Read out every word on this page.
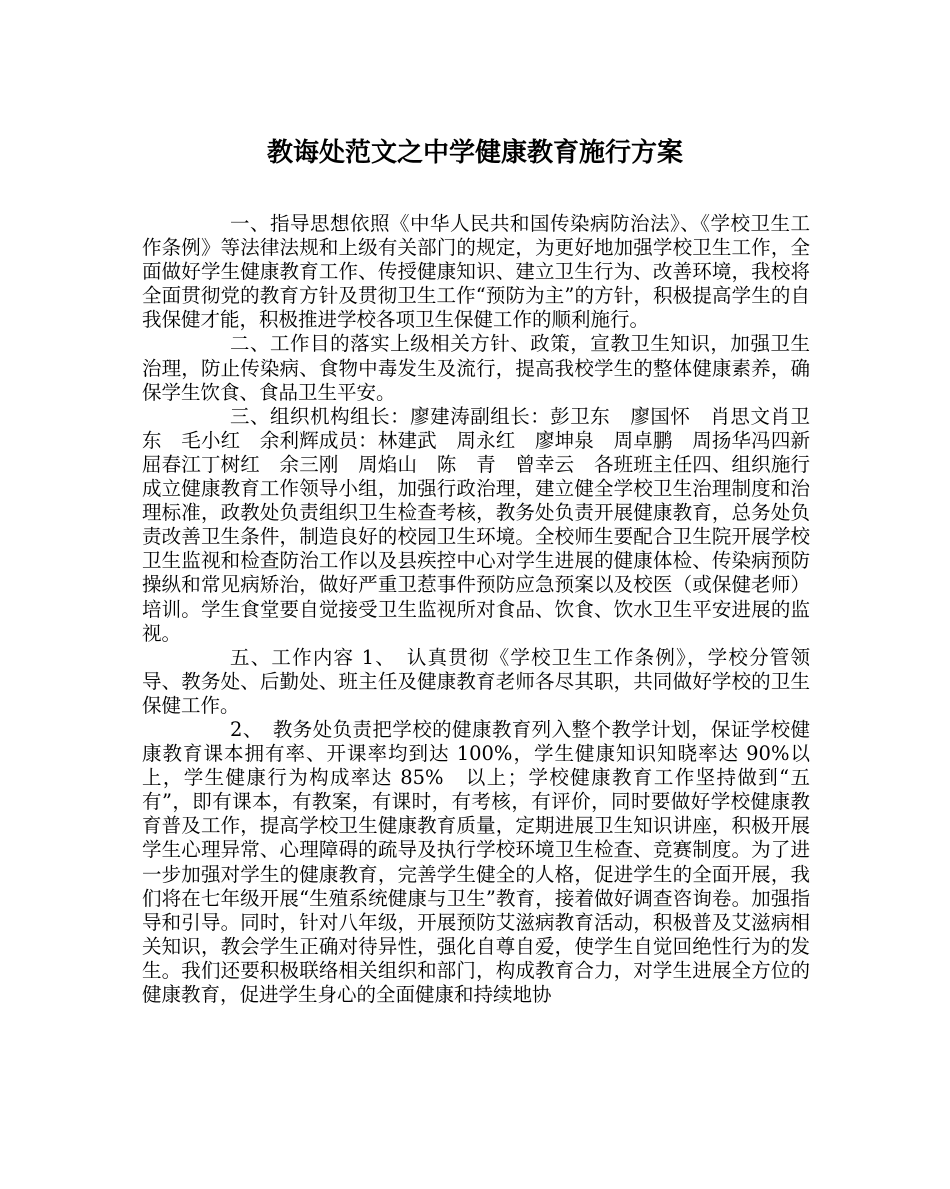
教诲处范文之中学健康教育施行方案

一、指导思想依照《中华人民共和国传染病防治法》、《学校卫生工作条例》等法律法规和上级有关部门的规定，为更好地加强学校卫生工作，全面做好学生健康教育工作、传授健康知识、建立卫生行为、改善环境，我校将全面贯彻党的教育方针及贯彻卫生工作“预防为主”的方针，积极提高学生的自我保健才能，积极推进学校各项卫生保健工作的顺利施行。

二、工作目的落实上级相关方针、政策，宣教卫生知识，加强卫生治理，防止传染病、食物中毒发生及流行，提高我校学生的整体健康素养，确保学生饮食、食品卫生平安。

三、组织机构组长：廖建涛副组长：彭卫东　廖国怀　肖思文肖卫东　毛小红　余利辉成员：林建武　周永红　廖坤泉　周卓鹏　周扬华冯四新　屈春江丁树红　余三刚　周焰山　陈　青　曾幸云　各班班主任四、组织施行成立健康教育工作领导小组，加强行政治理，建立健全学校卫生治理制度和治理标准，政教处负责组织卫生检查考核，教务处负责开展健康教育，总务处负责改善卫生条件，制造良好的校园卫生环境。全校师生要配合卫生院开展学校卫生监视和检查防治工作以及县疾控中心对学生进展的健康体检、传染病预防操纵和常见病矫治，做好严重卫惹事件预防应急预案以及校医（或保健老师）培训。学生食堂要自觉接受卫生监视所对食品、饮食、饮水卫生平安进展的监视。

五、工作内容 1、　认真贯彻《学校卫生工作条例》，学校分管领导、教务处、后勤处、班主任及健康教育老师各尽其职，共同做好学校的卫生保健工作。

2、　教务处负责把学校的健康教育列入整个教学计划，保证学校健康教育课本拥有率、开课率均到达 100%，学生健康知识知晓率达 90%以上，学生健康行为构成率达 85%　以上；学校健康教育工作坚持做到“五有”，即有课本，有教案，有课时，有考核，有评价，同时要做好学校健康教育普及工作，提高学校卫生健康教育质量，定期进展卫生知识讲座，积极开展学生心理异常、心理障碍的疏导及执行学校环境卫生检查、竞赛制度。为了进一步加强对学生的健康教育，完善学生健全的人格，促进学生的全面开展，我们将在七年级开展“生殖系统健康与卫生”教育，接着做好调查咨询卷。加强指导和引导。同时，针对八年级，开展预防艾滋病教育活动，积极普及艾滋病相关知识，教会学生正确对待异性，强化自尊自爱，使学生自觉回绝性行为的发生。我们还要积极联络相关组织和部门，构成教育合力，对学生进展全方位的健康教育，促进学生身心的全面健康和持续地协
